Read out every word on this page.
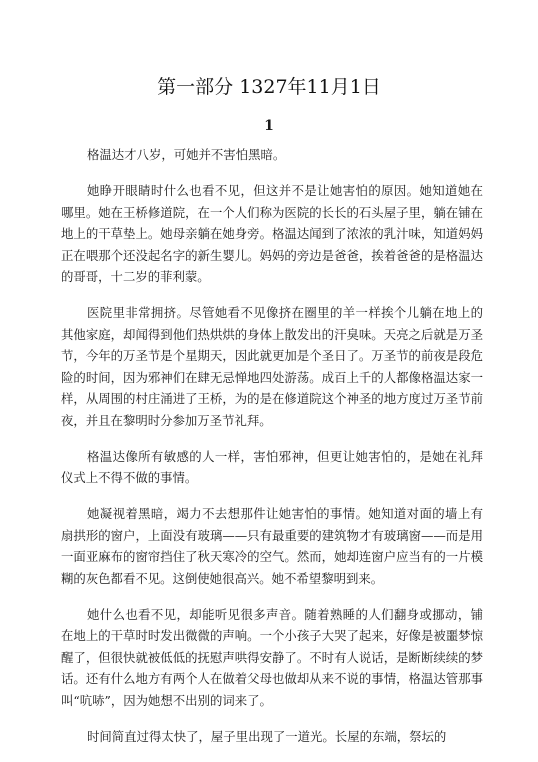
第一部分 1327年11月1日
1

格温达才八岁，可她并不害怕黑暗。

她睁开眼睛时什么也看不见，但这并不是让她害怕的原因。她知道她在哪里。她在王桥修道院，在一个人们称为医院的长长的石头屋子里，躺在铺在地上的干草垫上。她母亲躺在她身旁。格温达闻到了浓浓的乳汁味，知道妈妈正在喂那个还没起名字的新生婴儿。妈妈的旁边是爸爸，挨着爸爸的是格温达的哥哥，十二岁的菲利蒙。

医院里非常拥挤。尽管她看不见像挤在圈里的羊一样挨个儿躺在地上的其他家庭，却闻得到他们热烘烘的身体上散发出的汗臭味。天亮之后就是万圣节，今年的万圣节是个星期天，因此就更加是个圣日了。万圣节的前夜是段危险的时间，因为邪神们在肆无忌惮地四处游荡。成百上千的人都像格温达家一样，从周围的村庄涌进了王桥，为的是在修道院这个神圣的地方度过万圣节前夜，并且在黎明时分参加万圣节礼拜。

格温达像所有敏感的人一样，害怕邪神，但更让她害怕的，是她在礼拜仪式上不得不做的事情。

她凝视着黑暗，竭力不去想那件让她害怕的事情。她知道对面的墙上有扇拱形的窗户，上面没有玻璃——只有最重要的建筑物才有玻璃窗——而是用一面亚麻布的窗帘挡住了秋天寒冷的空气。然而，她却连窗户应当有的一片模糊的灰色都看不见。这倒使她很高兴。她不希望黎明到来。

她什么也看不见，却能听见很多声音。随着熟睡的人们翻身或挪动，铺在地上的干草时时发出微微的声响。一个小孩子大哭了起来，好像是被噩梦惊醒了，但很快就被低低的抚慰声哄得安静了。不时有人说话，是断断续续的梦话。还有什么地方有两个人在做着父母也做却从来不说的事情，格温达管那事叫“吭哧”，因为她想不出别的词来了。

时间简直过得太快了，屋子里出现了一道光。长屋的东端，祭坛的
